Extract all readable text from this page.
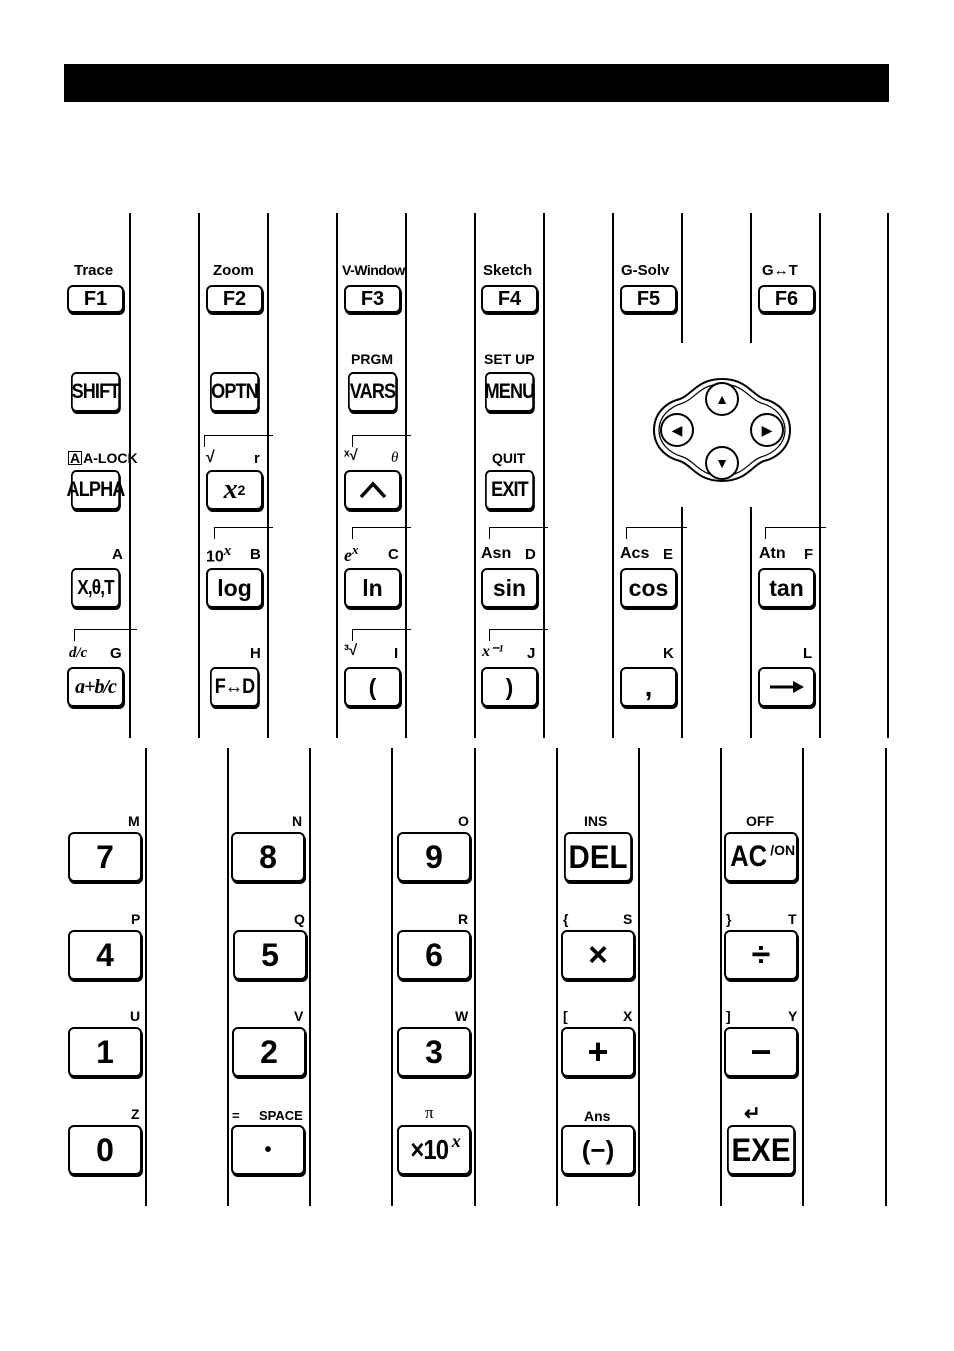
Trace
F1
Zoom
F2
V-Window
F3
Sketch
F4
G-Solv
F5
G↔T
F6
SHIFT	OPTN
PRGM
VARS
SET UP
MENU	▲
▼
◀	▶
A A-LOCK
ALPHA
√	r
x 2
ˣ√ θ	QUIT
EXIT
A
X,θ,T
10$^x$ B
log
$e^x$ C
ln
Asn D
sin
Acs E
cos
Atn F
tan
d/c G
a+b/c
H
F↔D
³√ I
(
x⁻¹ J
)
K
,
L
M
7
N
8
O
9
INS
DEL
OFF
$AC^{/ON}$
P
4
Q
5
R
6
{	S
×
}	T
÷
U
1
V
2
W
3
[	X
+
]	Y
−
Z
0
= SPACE
•
π
$\times 10^x$
Ans
(−)
↵
EXE
